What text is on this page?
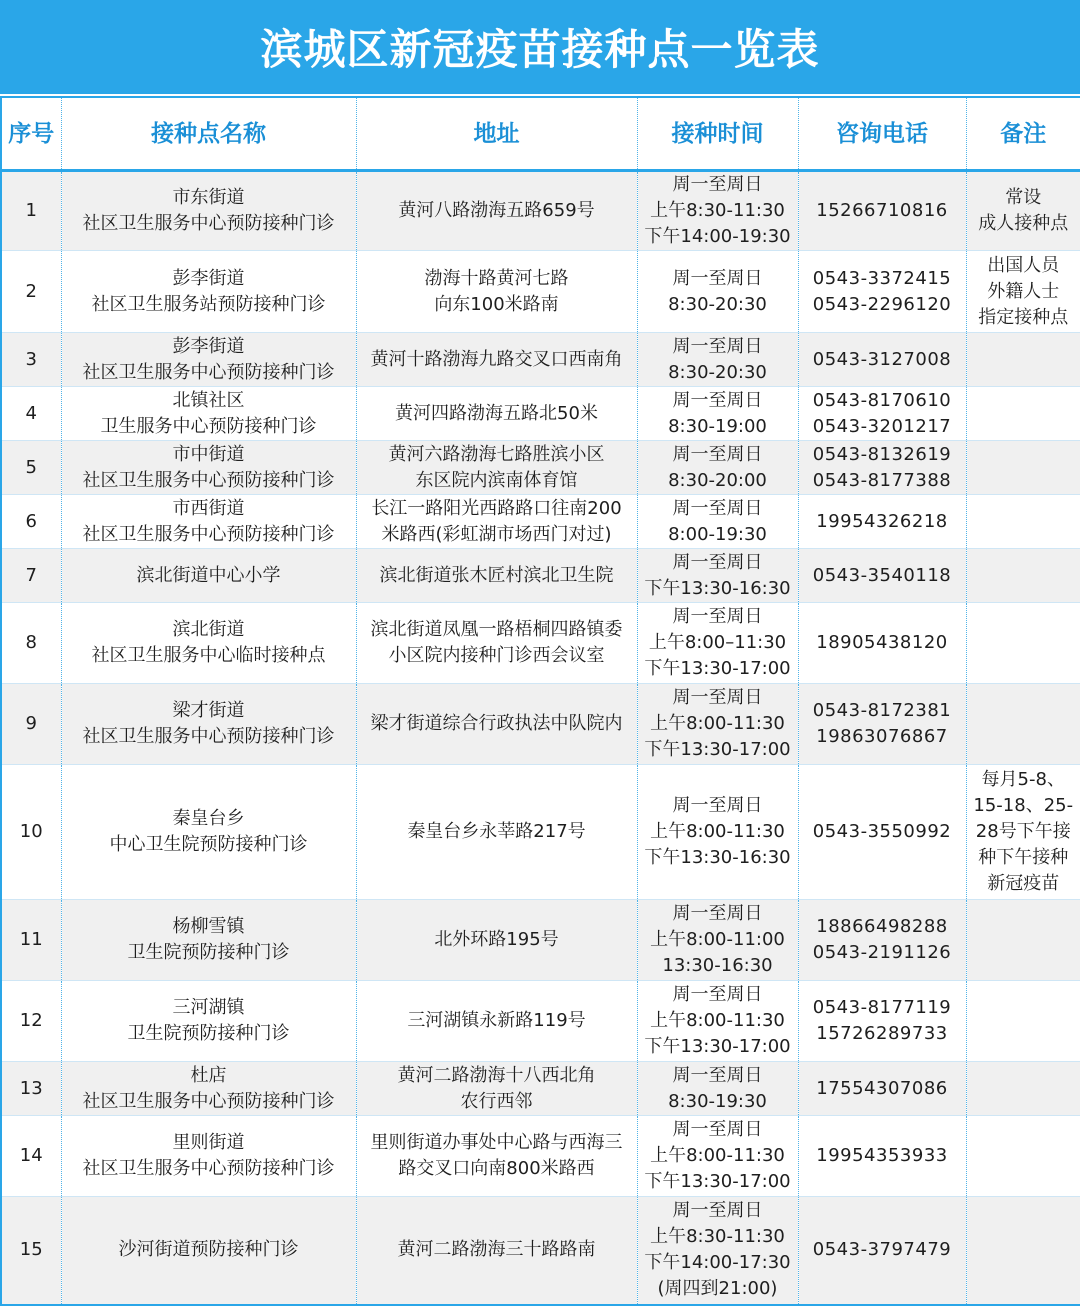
滨城区新冠疫苗接种点一览表
序号	接种点名称	地址	接种时间	咨询电话	备注
1	市东街道
社区卫生服务中心预防接种门诊	黄河八路渤海五路659号	周一至周日
上午8:30-11:30
下午14:00-19:30	15266710816	常设
成人接种点

2	彭李街道
社区卫生服务站预防接种门诊	渤海十路黄河七路
向东100米路南	周一至周日
8:30-20:30	0543-3372415
0543-2296120	出国人员
外籍人士
指定接种点

3	彭李街道
社区卫生服务中心预防接种门诊	黄河十路渤海九路交叉口西南角	周一至周日
8:30-20:30	0543-3127008	

4	北镇社区
卫生服务中心预防接种门诊	黄河四路渤海五路北50米	周一至周日
8:30-19:00	0543-8170610
0543-3201217	

5	市中街道
社区卫生服务中心预防接种门诊	黄河六路渤海七路胜滨小区
东区院内滨南体育馆	周一至周日
8:30-20:00	0543-8132619
0543-8177388	

6	市西街道
社区卫生服务中心预防接种门诊	长江一路阳光西路路口往南200
米路西(彩虹湖市场西门对过)	周一至周日
8:00-19:30	19954326218	

7	滨北街道中心小学	滨北街道张木匠村滨北卫生院	周一至周日
下午13:30-16:30	0543-3540118	

8	滨北街道
社区卫生服务中心临时接种点	滨北街道凤凰一路梧桐四路镇委
小区院内接种门诊西会议室	周一至周日
上午8:00–11:30
下午13:30-17:00	18905438120	

9	梁才街道
社区卫生服务中心预防接种门诊	梁才街道综合行政执法中队院内	周一至周日
上午8:00-11:30
下午13:30-17:00	0543-8172381
19863076867	

10	秦皇台乡
中心卫生院预防接种门诊	秦皇台乡永莘路217号	周一至周日
上午8:00-11:30
下午13:30-16:30	0543-3550992	每月5-8、
15-18、25-
28号下午接
种下午接种
新冠疫苗

11	杨柳雪镇
卫生院预防接种门诊	北外环路195号	周一至周日
上午8:00-11:00
13:30-16:30	18866498288
0543-2191126	

12	三河湖镇
卫生院预防接种门诊	三河湖镇永新路119号	周一至周日
上午8:00-11:30
下午13:30-17:00	0543-8177119
15726289733	

13	杜店
社区卫生服务中心预防接种门诊	黄河二路渤海十八西北角
农行西邻	周一至周日
8:30-19:30	17554307086	

14	里则街道
社区卫生服务中心预防接种门诊	里则街道办事处中心路与西海三
路交叉口向南800米路西	周一至周日
上午8:00-11:30
下午13:30-17:00	19954353933	

15	沙河街道预防接种门诊	黄河二路渤海三十路路南	周一至周日
上午8:30-11:30
下午14:00-17:30
(周四到21:00)	0543-3797479	
